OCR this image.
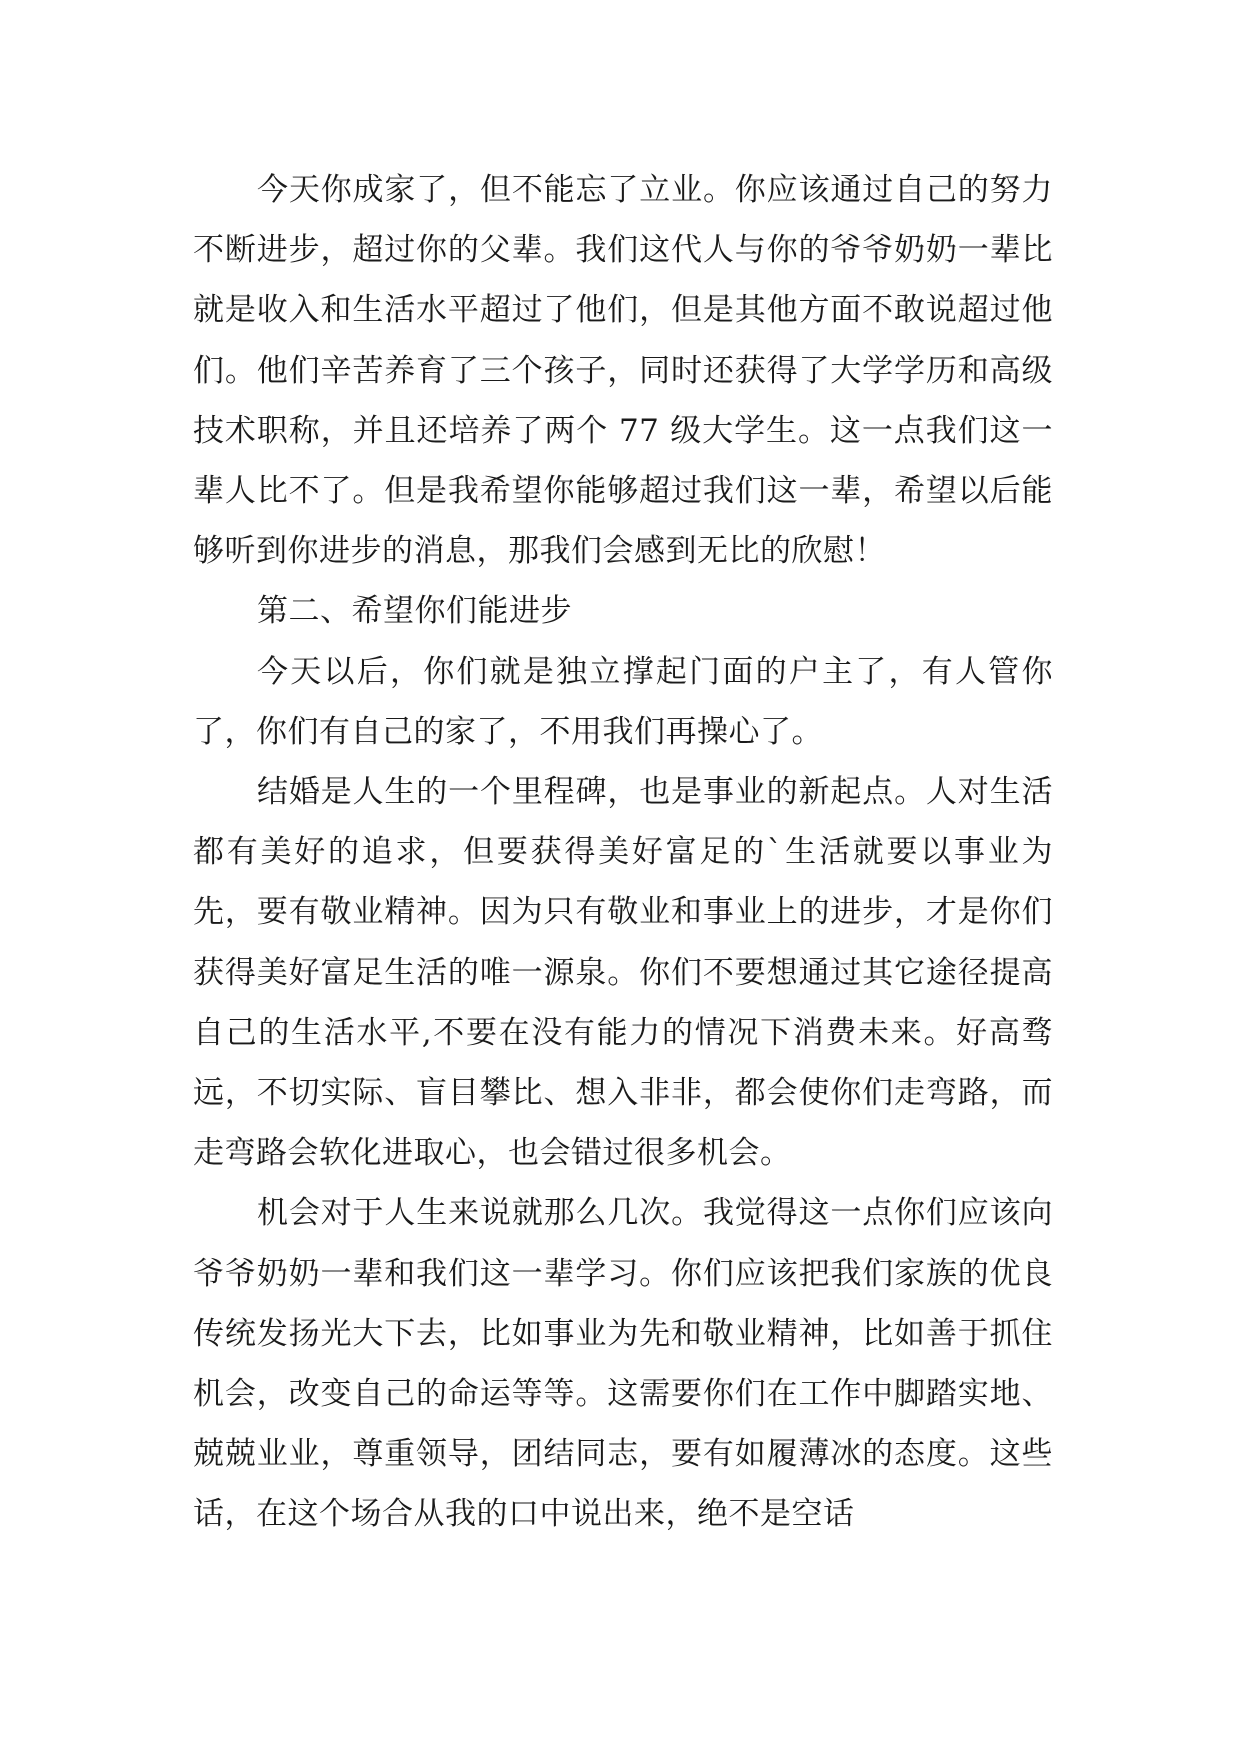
今天你成家了，但不能忘了立业。你应该通过自己的努力不断进步，超过你的父辈。我们这代人与你的爷爷奶奶一辈比就是收入和生活水平超过了他们，但是其他方面不敢说超过他们。他们辛苦养育了三个孩子，同时还获得了大学学历和高级技术职称，并且还培养了两个 77 级大学生。这一点我们这一辈人比不了。但是我希望你能够超过我们这一辈，希望以后能够听到你进步的消息，那我们会感到无比的欣慰！

第二、希望你们能进步

今天以后，你们就是独立撑起门面的户主了，有人管你了，你们有自己的家了，不用我们再操心了。

结婚是人生的一个里程碑，也是事业的新起点。人对生活都有美好的追求，但要获得美好富足的`生活就要以事业为先，要有敬业精神。因为只有敬业和事业上的进步，才是你们获得美好富足生活的唯一源泉。你们不要想通过其它途径提高自己的生活水平,不要在没有能力的情况下消费未来。好高骛远，不切实际、盲目攀比、想入非非，都会使你们走弯路，而走弯路会软化进取心，也会错过很多机会。

机会对于人生来说就那么几次。我觉得这一点你们应该向爷爷奶奶一辈和我们这一辈学习。你们应该把我们家族的优良传统发扬光大下去，比如事业为先和敬业精神，比如善于抓住机会，改变自己的命运等等。这需要你们在工作中脚踏实地、兢兢业业，尊重领导，团结同志，要有如履薄冰的态度。这些话，在这个场合从我的口中说出来，绝不是空话
